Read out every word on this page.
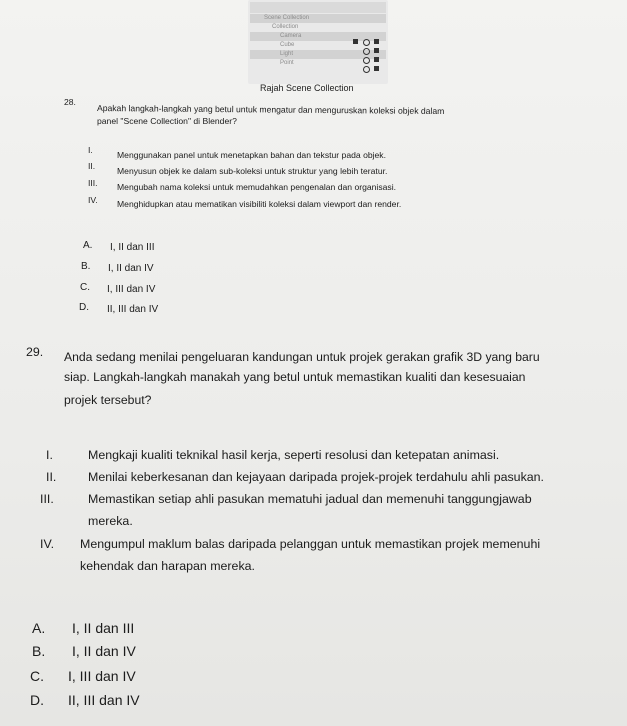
Scene Collection
Collection
Camera
Cube
Light
Point
Rajah Scene Collection
28.
Apakah langkah-langkah yang betul untuk mengatur dan menguruskan koleksi objek dalam
panel "Scene Collection" di Blender?
I.	Menggunakan panel untuk menetapkan bahan dan tekstur pada objek.
II.	Menyusun objek ke dalam sub-koleksi untuk struktur yang lebih teratur.
III. Mengubah nama koleksi untuk memudahkan pengenalan dan organisasi.
IV. Menghidupkan atau mematikan visibiliti koleksi dalam viewport dan render.
A. I, II dan III
B. I, II dan IV
C. I, III dan IV
D. II, III dan IV
29. Anda sedang menilai pengeluaran kandungan untuk projek gerakan grafik 3D yang baru
siap. Langkah-langkah manakah yang betul untuk memastikan kualiti dan kesesuaian
projek tersebut?
I.	Mengkaji kualiti teknikal hasil kerja, seperti resolusi dan ketepatan animasi.
II.	Menilai keberkesanan dan kejayaan daripada projek-projek terdahulu ahli pasukan.
III.	Memastikan setiap ahli pasukan mematuhi jadual dan memenuhi tanggungjawab
mereka.
IV. Mengumpul maklum balas daripada pelanggan untuk memastikan projek memenuhi
kehendak dan harapan mereka.
A. I, II dan III
B. I, II dan IV
C. I, III dan IV
D. II, III dan IV
